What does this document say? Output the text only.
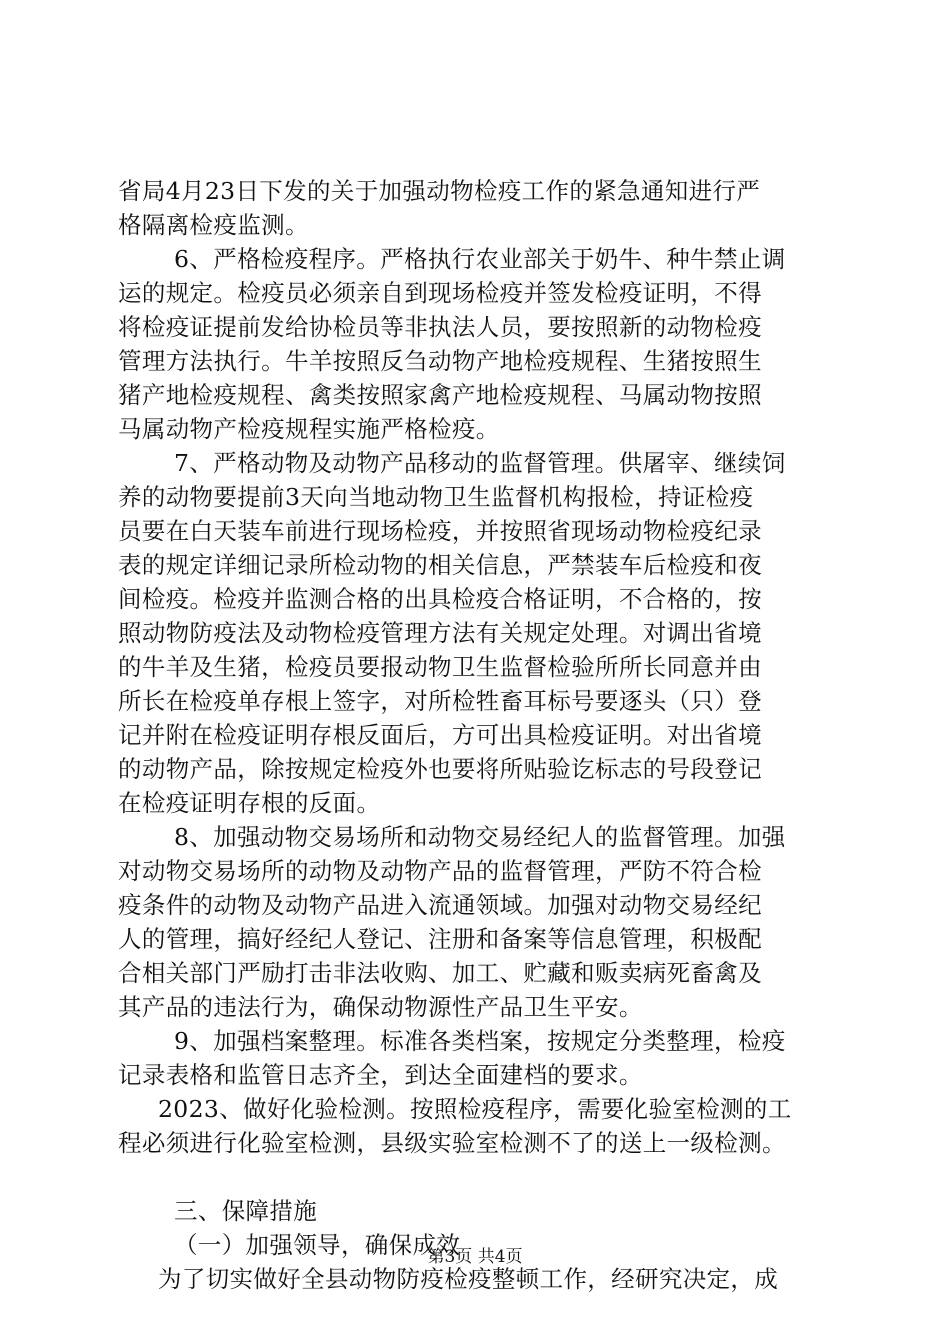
省局4月23日下发的关于加强动物检疫工作的紧急通知进行严
格隔离检疫监测。
6、严格检疫程序。严格执行农业部关于奶牛、种牛禁止调
运的规定。检疫员必须亲自到现场检疫并签发检疫证明，不得
将检疫证提前发给协检员等非执法人员，要按照新的动物检疫
管理方法执行。牛羊按照反刍动物产地检疫规程、生猪按照生
猪产地检疫规程、禽类按照家禽产地检疫规程、马属动物按照
马属动物产检疫规程实施严格检疫。
7、严格动物及动物产品移动的监督管理。供屠宰、继续饲
养的动物要提前3天向当地动物卫生监督机构报检，持证检疫
员要在白天装车前进行现场检疫，并按照省现场动物检疫纪录
表的规定详细记录所检动物的相关信息，严禁装车后检疫和夜
间检疫。检疫并监测合格的出具检疫合格证明，不合格的，按
照动物防疫法及动物检疫管理方法有关规定处理。对调出省境
的牛羊及生猪，检疫员要报动物卫生监督检验所所长同意并由
所长在检疫单存根上签字，对所检牲畜耳标号要逐头（只）登
记并附在检疫证明存根反面后，方可出具检疫证明。对出省境
的动物产品，除按规定检疫外也要将所贴验讫标志的号段登记
在检疫证明存根的反面。
8、加强动物交易场所和动物交易经纪人的监督管理。加强
对动物交易场所的动物及动物产品的监督管理，严防不符合检
疫条件的动物及动物产品进入流通领域。加强对动物交易经纪
人的管理，搞好经纪人登记、注册和备案等信息管理，积极配
合相关部门严励打击非法收购、加工、贮藏和贩卖病死畜禽及
其产品的违法行为，确保动物源性产品卫生平安。
9、加强档案整理。标准各类档案，按规定分类整理，检疫
记录表格和监管日志齐全，到达全面建档的要求。
2023、做好化验检测。按照检疫程序，需要化验室检测的工
程必须进行化验室检测，县级实验室检测不了的送上一级检测。
三、保障措施
（一）加强领导，确保成效
为了切实做好全县动物防疫检疫整顿工作，经研究决定，成
第3页 共4页
